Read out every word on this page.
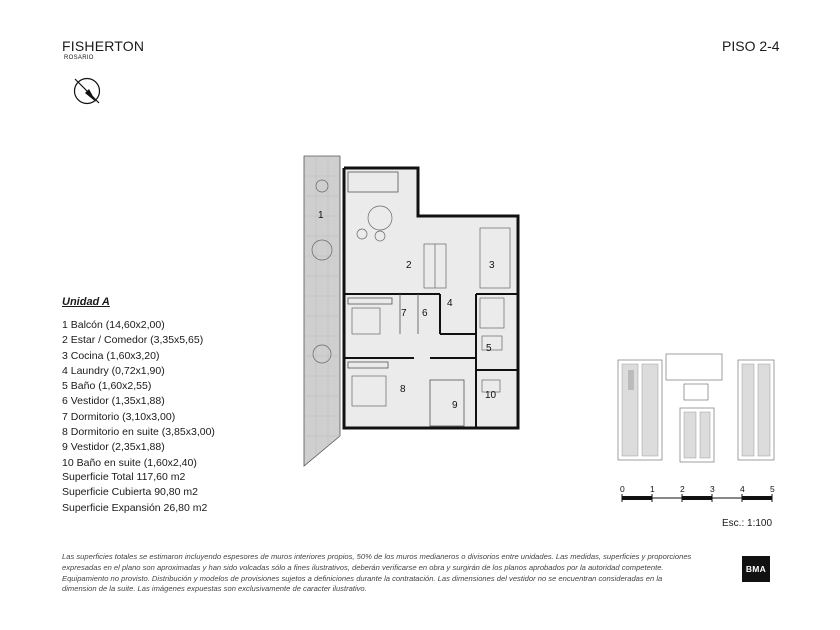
FISHERTON
ROSARIO
PISO 2-4
Unidad A
1 Balcón (14,60x2,00)
2 Estar / Comedor (3,35x5,65)
3 Cocina (1,60x3,20)
4 Laundry (0,72x1,90)
5 Baño (1,60x2,55)
6 Vestidor (1,35x1,88)
7 Dormitorio (3,10x3,00)
8 Dormitorio en suite (3,85x3,00)
9 Vestidor (2,35x1,88)
10 Baño en suite (1,60x2,40)
Superficie Total 117,60 m2
Superficie Cubierta 90,80 m2
Superficie Expansión 26,80 m2
1
2	3
4
5
6
7
8
9
10
0	1	2	3	4	5
Esc.: 1:100
Las superficies totales se estimaron incluyendo espesores de muros interiores propios, 50% de los muros medianeros o divisorios entre unidades. Las medidas, superficies y proporciones expresadas en el plano son aproximadas y han sido volcadas sólo a fines ilustrativos, deberán verificarse en obra y surgirán de los planos aprobados por la autoridad competente. Equipamiento no provisto. Distribución y modelos de provisiones sujetos a definiciones durante la contratación. Las dimensiones del vestidor no se encuentran consideradas en la dimension de la suite. Las imágenes expuestas son exclusivamente de caracter ilustrativo.
BMA
